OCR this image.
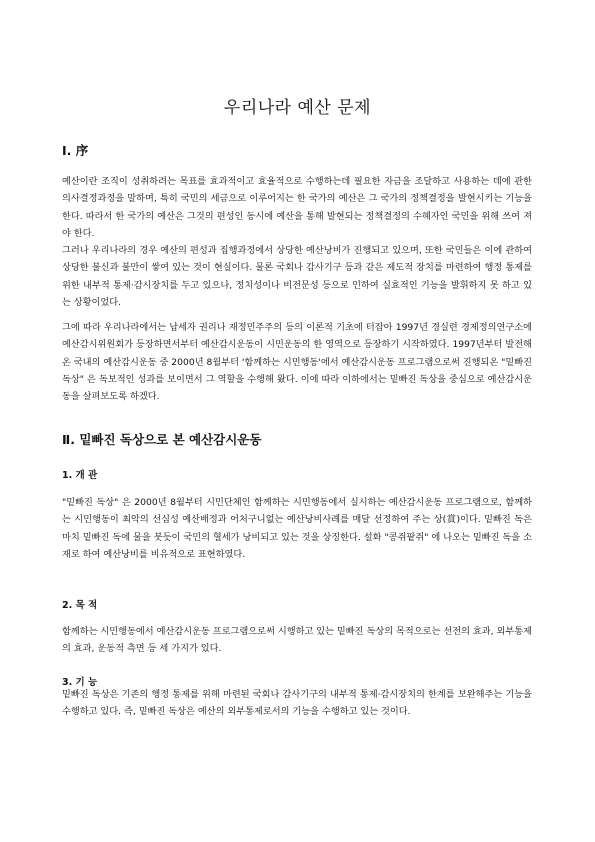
우리나라 예산 문제
Ⅰ. 序

예산이란 조직이 성취하려는 목표를 효과적이고 효율적으로 수행하는데 필요한 자금을 조달하고 사용하는 데에 관한 의사결정과정을 말하며, 특히 국민의 세금으로 이루어지는 한 국가의 예산은 그 국가의 정책결정을 발현시키는 기능을 한다. 따라서 한 국가의 예산은 그것의 편성인 동시에 예산을 통해 발현되는 정책결정의 수혜자인 국민을 위해 쓰여 져야 한다.

그러나 우리나라의 경우 예산의 편성과 집행과정에서 상당한 예산낭비가 진행되고 있으며, 또한 국민들은 이에 관하여 상당한 불신과 불만이 쌓여 있는 것이 현실이다. 물론 국회나 감사기구 등과 같은 제도적 장치를 마련하여 행정 통제를 위한 내부적 통제·감시장치를 두고 있으나, 정치성이나 비전문성 등으로 인하여 실효적인 기능을 발휘하지 못 하고 있는 상황이었다.

그에 따라 우리나라에서는 납세자 권리나 재정민주주의 등의 이론적 기초에 터잡아 1997년 경실련 경제정의연구소에 예산감시위원회가 등장하면서부터 예산감시운동이 시민운동의 한 영역으로 등장하기 시작하였다. 1997년부터 발전해온 국내의 예산감시운동 중 2000년 8월부터 '함께하는 시민행동'에서 예산감시운동 프로그램으로써 진행되온 "밑빠진 독상" 은 독보적인 성과를 보이면서 그 역할을 수행해 왔다. 이에 따라 이하에서는 밑빠진 독상을 중심으로 예산감시운동을 살펴보도록 하겠다.

Ⅱ. 밑빠진 독상으로 본 예산감시운동
1. 개 관

"밑빠진 독상" 은 2000년 8월부터 시민단체인 함께하는 시민행동에서 실시하는 예산감시운동 프로그램으로, 함께하는 시민행동이 최악의 선심성 예산배정과 어처구니없는 예산낭비사례를 매달 선정하여 주는 상(賞)이다. 밑빠진 독은 마치 밑빠진 독에 물을 붓듯이 국민의 혈세가 낭비되고 있는 것을 상징한다. 설화 "콩쥐팥쥐" 에 나오는 밑빠진 독을 소재로 하여 예산낭비를 비유적으로 표현하였다.

2. 목 적

함께하는 시민행동에서 예산감시운동 프로그램으로써 시행하고 있는 밑빠진 독상의 목적으로는 선전의 효과, 외부통제의 효과, 운동적 측면 등 세 가지가 있다.

3. 기 능

밑빠진 독상은 기존의 행정 통제를 위해 마련된 국회나 감사기구의 내부적 통제·감시장치의 한계를 보완해주는 기능을 수행하고 있다. 즉, 밑빠진 독상은 예산의 외부통제로서의 기능을 수행하고 있는 것이다.
